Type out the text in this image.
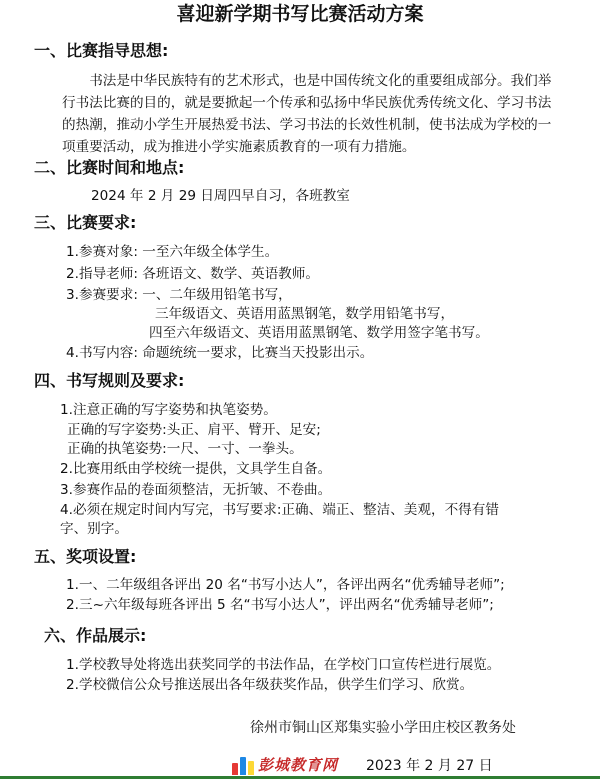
喜迎新学期书写比赛活动方案
一、比赛指导思想:
书法是中华民族特有的艺术形式，也是中国传统文化的重要组成部分。我们举行书法比赛的目的，就是要掀起一个传承和弘扬中华民族优秀传统文化、学习书法的热潮，推动小学生开展热爱书法、学习书法的长效性机制，使书法成为学校的一项重要活动，成为推进小学实施素质教育的一项有力措施。
二、比赛时间和地点:
2024 年 2 月 29 日周四早自习，各班教室
三、比赛要求:
1.参赛对象: 一至六年级全体学生。
2.指导老师: 各班语文、数学、英语教师。
3.参赛要求: 一、二年级用铅笔书写，
三年级语文、英语用蓝黑钢笔，数学用铅笔书写，
四至六年级语文、英语用蓝黑钢笔、数学用签字笔书写。
4.书写内容: 命题统统一要求，比赛当天投影出示。
四、书写规则及要求:
1.注意正确的写字姿势和执笔姿势。
正确的写字姿势:头正、肩平、臂开、足安;
正确的执笔姿势:一尺、一寸、一拳头。
2.比赛用纸由学校统一提供，文具学生自备。
3.参赛作品的卷面须整洁，无折皱、不卷曲。
4.必须在规定时间内写完，书写要求:正确、端正、整洁、美观，不得有错
字、别字。
五、奖项设置:
1.一、二年级组各评出 20 名“书写小达人”，各评出两名“优秀辅导老师”;
2.三~六年级每班各评出 5 名“书写小达人”，评出两名“优秀辅导老师”;
六、作品展示:
1.学校教导处将选出获奖同学的书法作品，在学校门口宣传栏进行展览。
2.学校微信公众号推送展出各年级获奖作品，供学生们学习、欣赏。
徐州市铜山区郑集实验小学田庄校区教务处
彭城教育网 2023 年 2 月 27 日
